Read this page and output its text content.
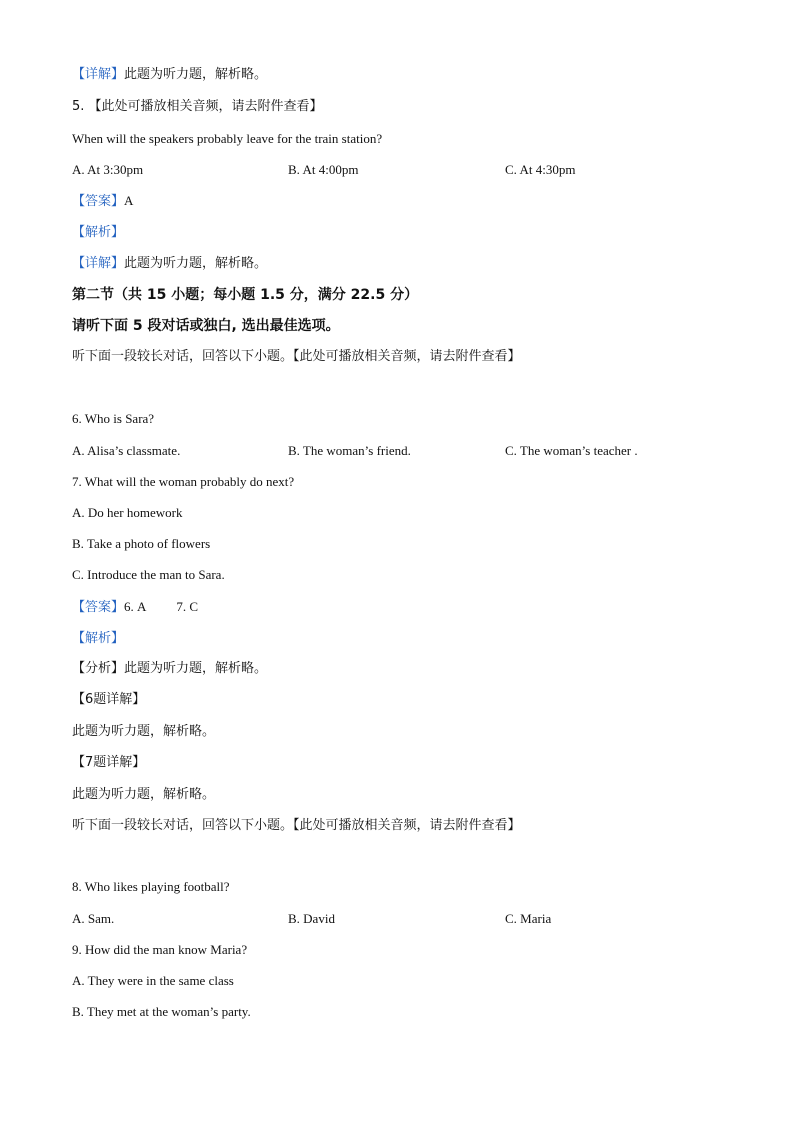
【详解】此题为听力题，解析略。
5. 【此处可播放相关音频，请去附件查看】
When will the speakers probably leave for the train station?
A. At 3:30pm	B. At 4:00pm	C. At 4:30pm
【答案】A
【解析】
【详解】此题为听力题，解析略。
第二节（共 15 小题；每小题 1.5 分，满分 22.5 分）
请听下面 5 段对话或独白, 选出最佳选项。
听下面一段较长对话，回答以下小题。【此处可播放相关音频，请去附件查看】
6. Who is Sara?
A. Alisa’s classmate.	B. The woman’s friend.	C. The woman’s teacher .
7. What will the woman probably do next?
A. Do her homework
B. Take a photo of flowers
C. Introduce the man to Sara.
【答案】6. A 7. C
【解析】
【分析】此题为听力题，解析略。
【6题详解】
此题为听力题，解析略。
【7题详解】
此题为听力题，解析略。
听下面一段较长对话，回答以下小题。【此处可播放相关音频，请去附件查看】
8. Who likes playing football?
A. Sam.	B. David	C. Maria
9. How did the man know Maria?
A. They were in the same class
B. They met at the woman’s party.
